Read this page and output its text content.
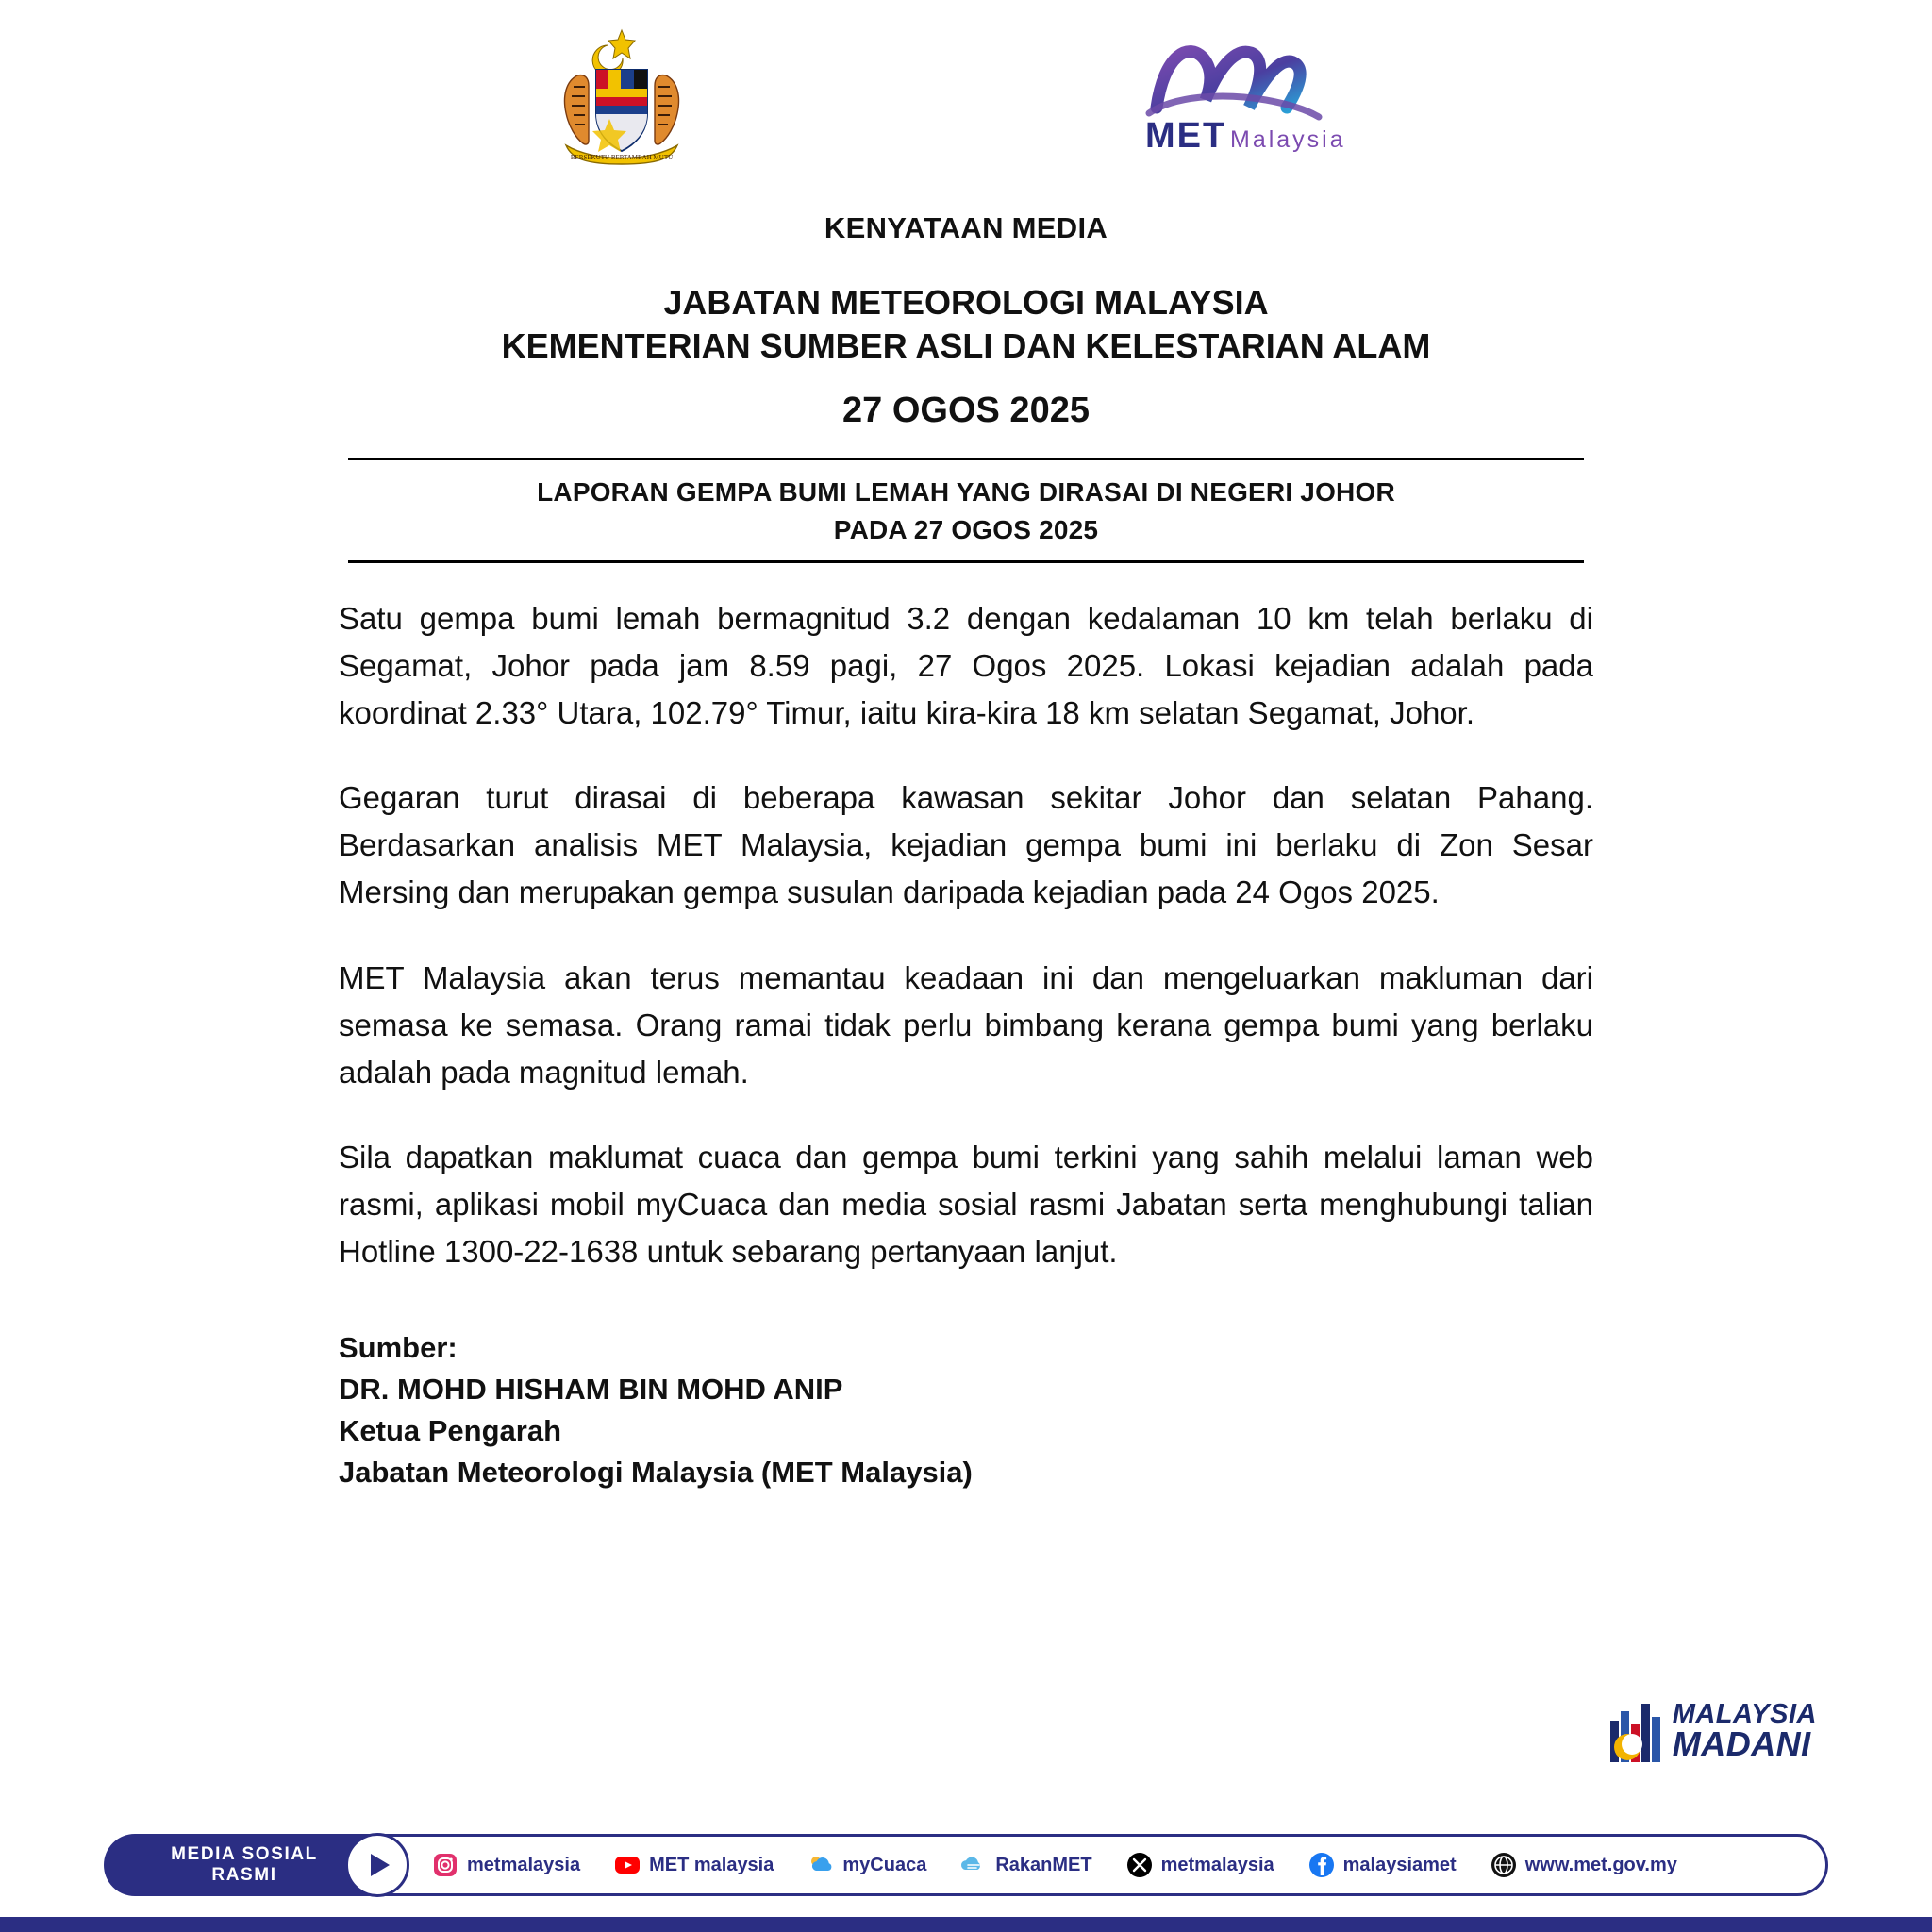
BERSEKUTU BERTAMBAH MUTU
MET Malaysia
KENYATAAN MEDIA
JABATAN METEOROLOGI MALAYSIA
KEMENTERIAN SUMBER ASLI DAN KELESTARIAN ALAM
27 OGOS 2025
LAPORAN GEMPA BUMI LEMAH YANG DIRASAI DI NEGERI JOHOR
PADA 27 OGOS 2025

Satu gempa bumi lemah bermagnitud 3.2 dengan kedalaman 10 km telah berlaku di Segamat, Johor pada jam 8.59 pagi, 27 Ogos 2025. Lokasi kejadian adalah pada koordinat 2.33° Utara, 102.79° Timur, iaitu kira-kira 18 km selatan Segamat, Johor.

Gegaran turut dirasai di beberapa kawasan sekitar Johor dan selatan Pahang. Berdasarkan analisis MET Malaysia, kejadian gempa bumi ini berlaku di Zon Sesar Mersing dan merupakan gempa susulan daripada kejadian pada 24 Ogos 2025.

MET Malaysia akan terus memantau keadaan ini dan mengeluarkan makluman dari semasa ke semasa. Orang ramai tidak perlu bimbang kerana gempa bumi yang berlaku adalah pada magnitud lemah.

Sila dapatkan maklumat cuaca dan gempa bumi terkini yang sahih melalui laman web rasmi, aplikasi mobil myCuaca dan media sosial rasmi Jabatan serta menghubungi talian Hotline 1300-22-1638 untuk sebarang pertanyaan lanjut.

Sumber:
DR. MOHD HISHAM BIN MOHD ANIP
Ketua Pengarah
Jabatan Meteorologi Malaysia (MET Malaysia)
MALAYSIA
MADANI
MEDIA SOSIAL
RASMI	metmalaysia	MET malaysia	myCuaca	RakanMET	metmalaysia	malaysiamet	www.met.gov.my
